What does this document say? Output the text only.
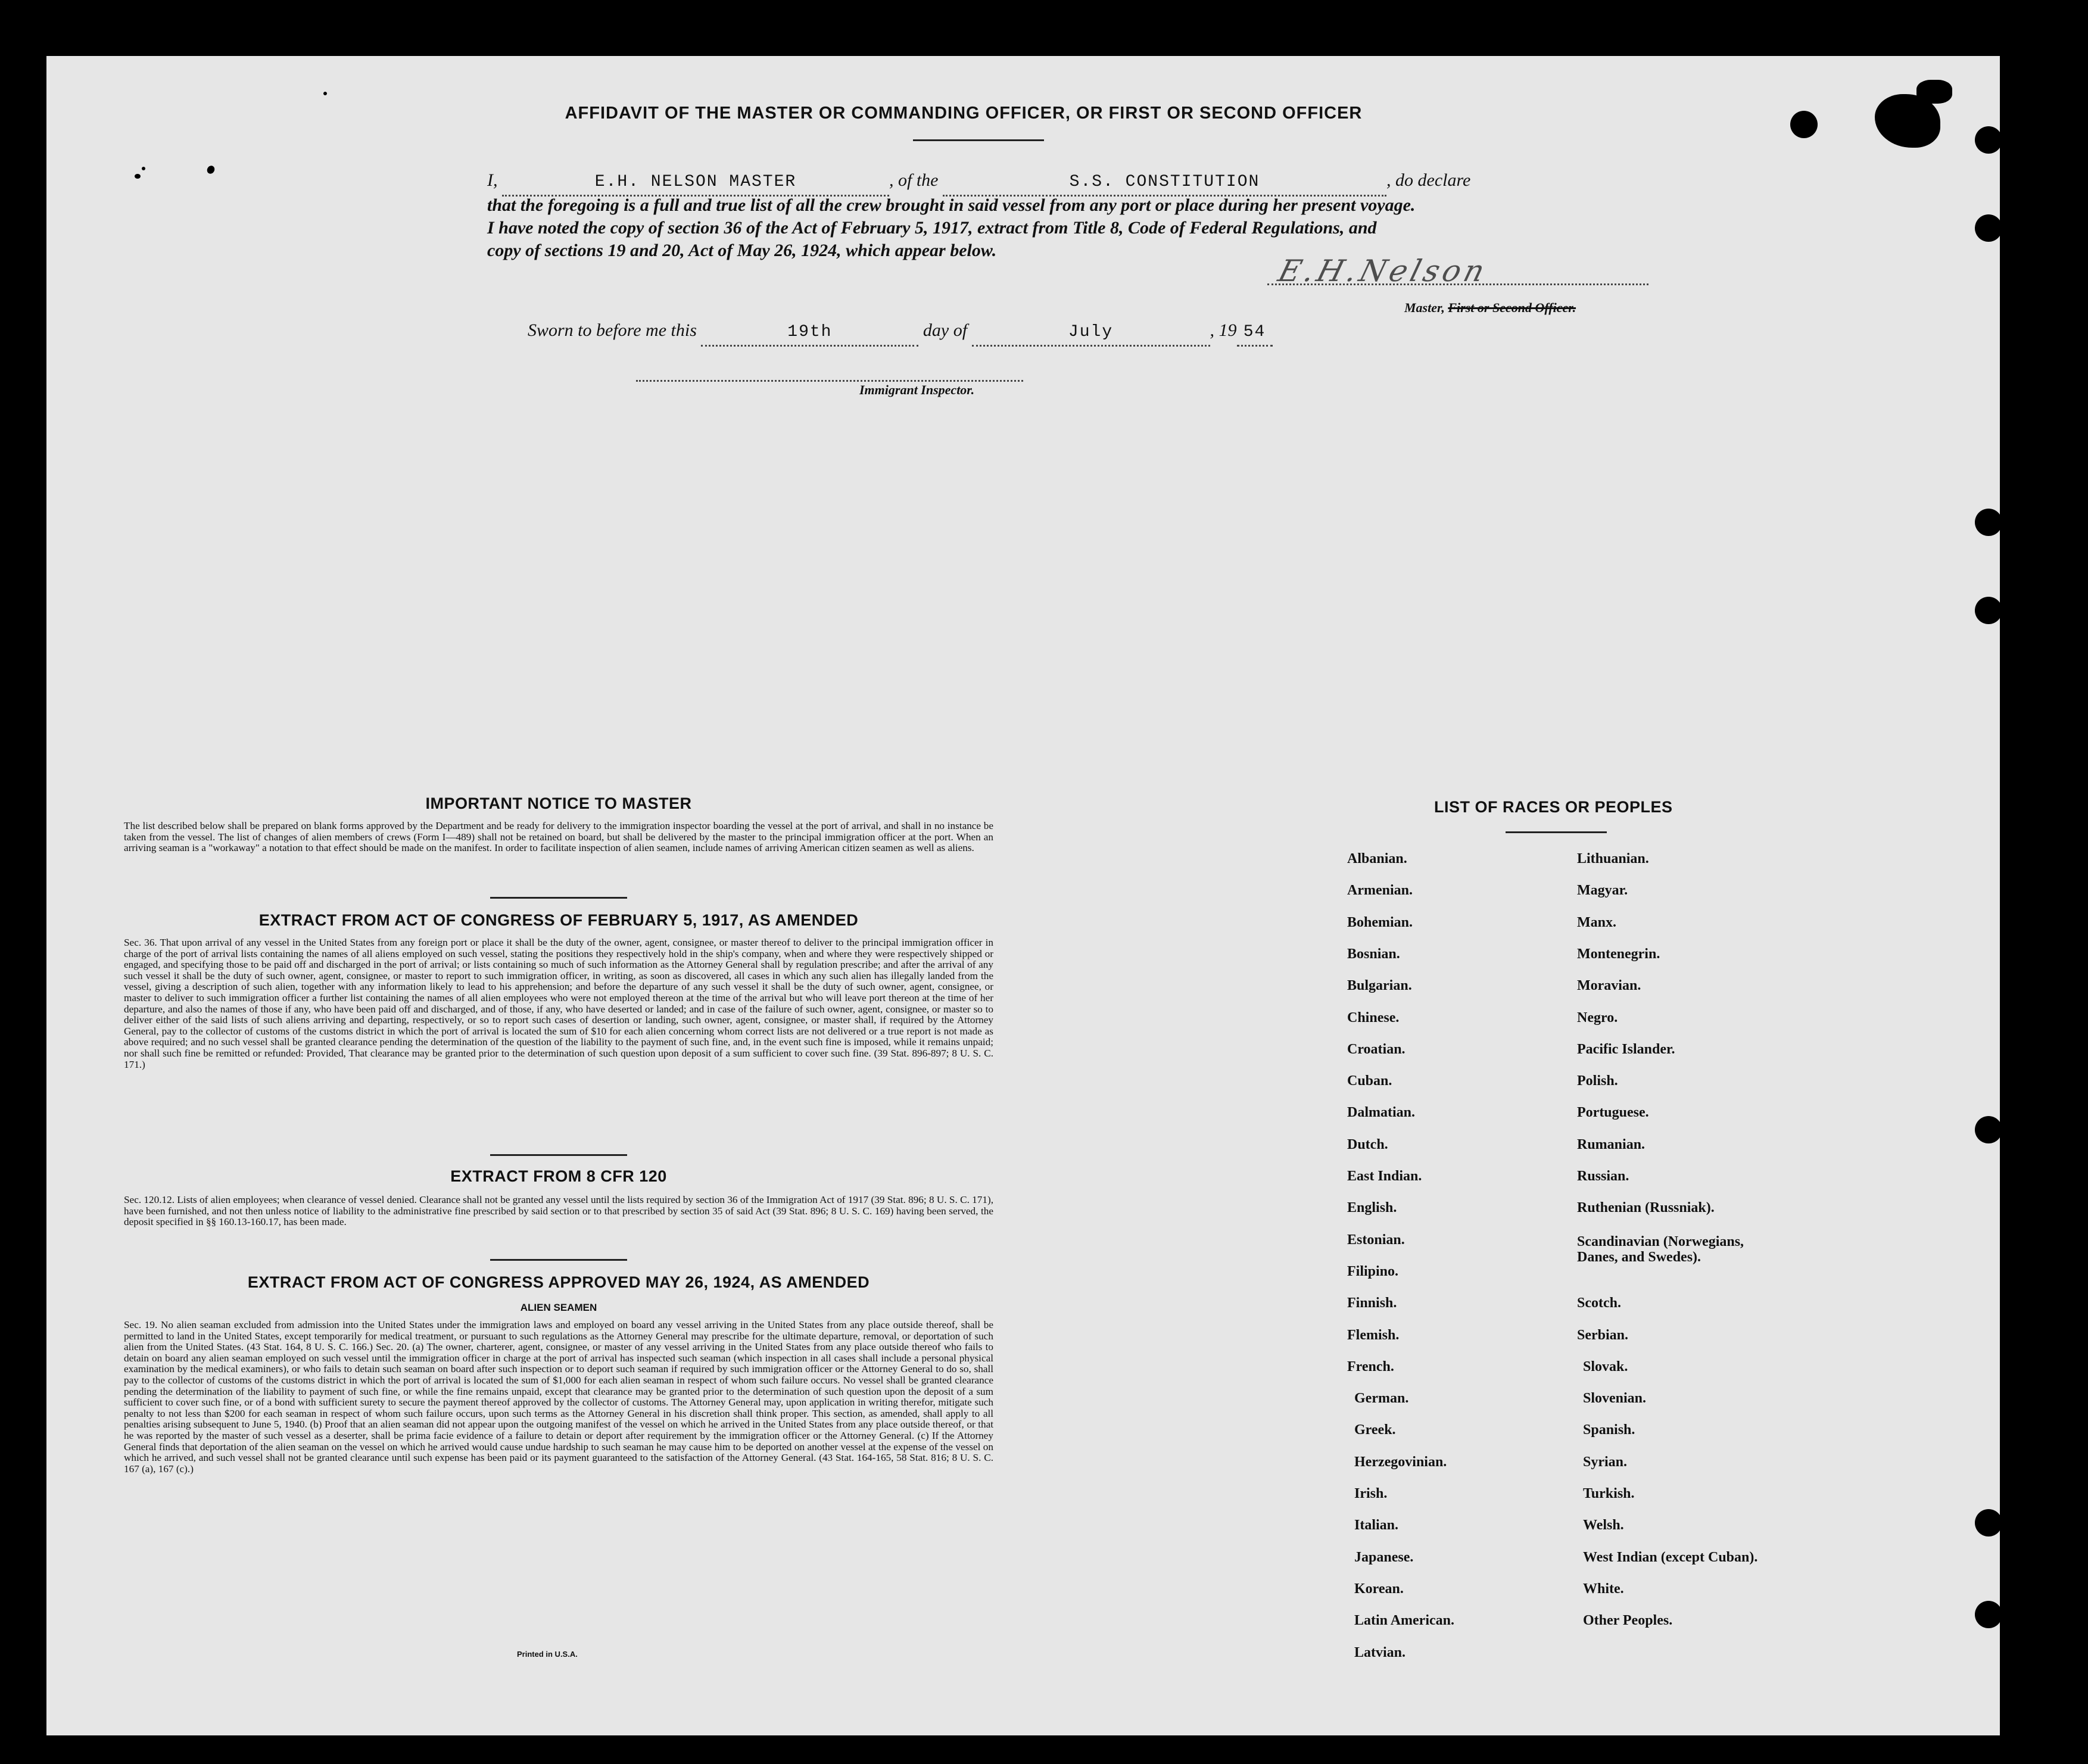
AFFIDAVIT OF THE MASTER OR COMMANDING OFFICER, OR FIRST OR SECOND OFFICER
I,	E.H. NELSON MASTER	, of the	S.S. CONSTITUTION	, do declare
that the foregoing is a full and true list of all the crew brought in said vessel from any port or place during her present voyage.
I have noted the copy of section 36 of the Act of February 5, 1917, extract from Title 8, Code of Federal Regulations, and
copy of sections 19 and 20, Act of May 26, 1924, which appear below.
E.H.Nelson
Master, First or Second Officer.
Sworn to before me this	19th	day of	July	, 19 54
Immigrant Inspector.
IMPORTANT NOTICE TO MASTER
The list described below shall be prepared on blank forms approved by the Department and be ready for delivery to the immigration inspector boarding the vessel at the port of arrival, and shall in no instance be taken from the vessel. The list of changes of alien members of crews (Form I—489) shall not be retained on board, but shall be delivered by the master to the principal immigration officer at the port. When an arriving seaman is a "workaway" a notation to that effect should be made on the manifest. In order to facilitate inspection of alien seamen, include names of arriving American citizen seamen as well as aliens.
EXTRACT FROM ACT OF CONGRESS OF FEBRUARY 5, 1917, AS AMENDED
Sec. 36. That upon arrival of any vessel in the United States from any foreign port or place it shall be the duty of the owner, agent, consignee, or master thereof to deliver to the principal immigration officer in charge of the port of arrival lists containing the names of all aliens employed on such vessel, stating the positions they respectively hold in the ship's company, when and where they were respectively shipped or engaged, and specifying those to be paid off and discharged in the port of arrival; or lists containing so much of such information as the Attorney General shall by regulation prescribe; and after the arrival of any such vessel it shall be the duty of such owner, agent, consignee, or master to report to such immigration officer, in writing, as soon as discovered, all cases in which any such alien has illegally landed from the vessel, giving a description of such alien, together with any information likely to lead to his apprehension; and before the departure of any such vessel it shall be the duty of such owner, agent, consignee, or master to deliver to such immigration officer a further list containing the names of all alien employees who were not employed thereon at the time of the arrival but who will leave port thereon at the time of her departure, and also the names of those if any, who have been paid off and discharged, and of those, if any, who have deserted or landed; and in case of the failure of such owner, agent, consignee, or master so to deliver either of the said lists of such aliens arriving and departing, respectively, or so to report such cases of desertion or landing, such owner, agent, consignee, or master shall, if required by the Attorney General, pay to the collector of customs of the customs district in which the port of arrival is located the sum of $10 for each alien concerning whom correct lists are not delivered or a true report is not made as above required; and no such vessel shall be granted clearance pending the determination of the question of the liability to the payment of such fine, and, in the event such fine is imposed, while it remains unpaid; nor shall such fine be remitted or refunded: Provided, That clearance may be granted prior to the determination of such question upon deposit of a sum sufficient to cover such fine. (39 Stat. 896-897; 8 U. S. C. 171.)
EXTRACT FROM 8 CFR 120
Sec. 120.12. Lists of alien employees; when clearance of vessel denied. Clearance shall not be granted any vessel until the lists required by section 36 of the Immigration Act of 1917 (39 Stat. 896; 8 U. S. C. 171), have been furnished, and not then unless notice of liability to the administrative fine prescribed by said section or to that prescribed by section 35 of said Act (39 Stat. 896; 8 U. S. C. 169) having been served, the deposit specified in §§ 160.13-160.17, has been made.
EXTRACT FROM ACT OF CONGRESS APPROVED MAY 26, 1924, AS AMENDED
ALIEN SEAMEN
Sec. 19. No alien seaman excluded from admission into the United States under the immigration laws and employed on board any vessel arriving in the United States from any place outside thereof, shall be permitted to land in the United States, except temporarily for medical treatment, or pursuant to such regulations as the Attorney General may prescribe for the ultimate departure, removal, or deportation of such alien from the United States. (43 Stat. 164, 8 U. S. C. 166.) Sec. 20. (a) The owner, charterer, agent, consignee, or master of any vessel arriving in the United States from any place outside thereof who fails to detain on board any alien seaman employed on such vessel until the immigration officer in charge at the port of arrival has inspected such seaman (which inspection in all cases shall include a personal physical examination by the medical examiners), or who fails to detain such seaman on board after such inspection or to deport such seaman if required by such immigration officer or the Attorney General to do so, shall pay to the collector of customs of the customs district in which the port of arrival is located the sum of $1,000 for each alien seaman in respect of whom such failure occurs. No vessel shall be granted clearance pending the determination of the liability to payment of such fine, or while the fine remains unpaid, except that clearance may be granted prior to the determination of such question upon the deposit of a sum sufficient to cover such fine, or of a bond with sufficient surety to secure the payment thereof approved by the collector of customs. The Attorney General may, upon application in writing therefor, mitigate such penalty to not less than $200 for each seaman in respect of whom such failure occurs, upon such terms as the Attorney General in his discretion shall think proper. This section, as amended, shall apply to all penalties arising subsequent to June 5, 1940. (b) Proof that an alien seaman did not appear upon the outgoing manifest of the vessel on which he arrived in the United States from any place outside thereof, or that he was reported by the master of such vessel as a deserter, shall be prima facie evidence of a failure to detain or deport after requirement by the immigration officer or the Attorney General. (c) If the Attorney General finds that deportation of the alien seaman on the vessel on which he arrived would cause undue hardship to such seaman he may cause him to be deported on another vessel at the expense of the vessel on which he arrived, and such vessel shall not be granted clearance until such expense has been paid or its payment guaranteed to the satisfaction of the Attorney General. (43 Stat. 164-165, 58 Stat. 816; 8 U. S. C. 167 (a), 167 (c).)
Printed in U.S.A.
LIST OF RACES OR PEOPLES
Albanian.
Armenian.
Bohemian.
Bosnian.
Bulgarian.
Chinese.
Croatian.
Cuban.
Dalmatian.
Dutch.
East Indian.
English.
Estonian.
Filipino.
Finnish.
Flemish.
French.
German.
Greek.
Herzegovinian.
Irish.
Italian.
Japanese.
Korean.
Latin American.
Latvian.
Lithuanian.
Magyar.
Manx.
Montenegrin.
Moravian.
Negro.
Pacific Islander.
Polish.
Portuguese.
Rumanian.
Russian.
Ruthenian (Russniak).
Scandinavian (Norwegians, Danes, and Swedes).
Scotch.
Serbian.
Slovak.
Slovenian.
Spanish.
Syrian.
Turkish.
Welsh.
West Indian (except Cuban).
White.
Other Peoples.
